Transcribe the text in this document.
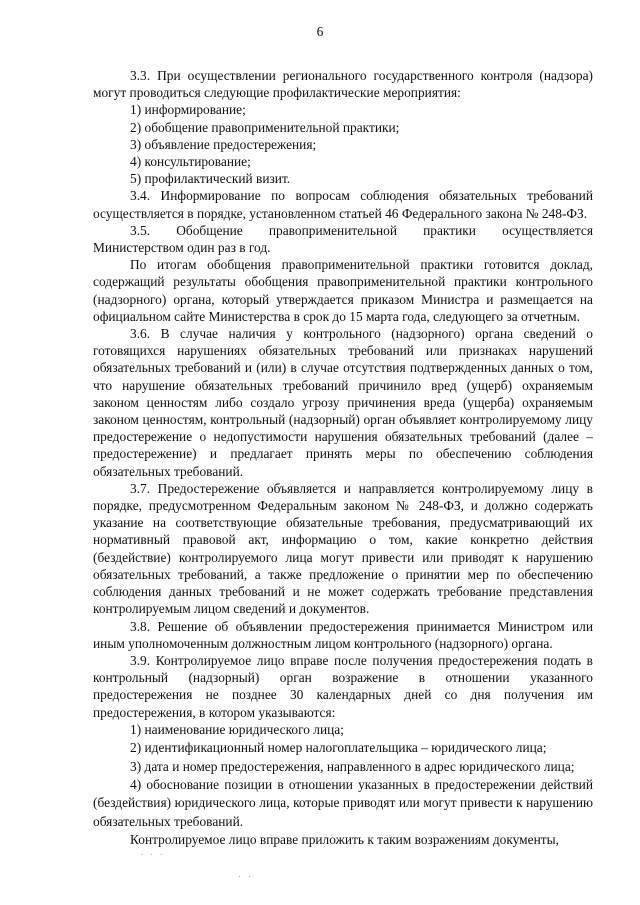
6

3.3. При осуществлении регионального государственного контроля (надзора) могут проводиться следующие профилактические мероприятия:

1) информирование;

2) обобщение правоприменительной практики;

3) объявление предостережения;

4) консультирование;

5) профилактический визит.

3.4. Информирование по вопросам соблюдения обязательных требований осуществляется в порядке, установленном статьей 46 Федерального закона № 248-ФЗ.

3.5. Обобщение правоприменительной практики осуществляется Министерством один раз в год.

По итогам обобщения правоприменительной практики готовится доклад, содержащий результаты обобщения правоприменительной практики контрольного (надзорного) органа, который утверждается приказом Министра и размещается на официальном сайте Министерства в срок до 15 марта года, следующего за отчетным.

3.6. В случае наличия у контрольного (надзорного) органа сведений о готовящихся нарушениях обязательных требований или признаках нарушений обязательных требований и (или) в случае отсутствия подтвержденных данных о том, что нарушение обязательных требований причинило вред (ущерб) охраняемым законом ценностям либо создало угрозу причинения вреда (ущерба) охраняемым законом ценностям, контрольный (надзорный) орган объявляет контролируемому лицу предостережение о недопустимости нарушения обязательных требований (далее – предостережение) и предлагает принять меры по обеспечению соблюдения обязательных требований.

3.7. Предостережение объявляется и направляется контролируемому лицу в порядке, предусмотренном Федеральным законом № 248-ФЗ, и должно содержать указание на соответствующие обязательные требования, предусматривающий их нормативный правовой акт, информацию о том, какие конкретно действия (бездействие) контролируемого лица могут привести или приводят к нарушению обязательных требований, а также предложение о принятии мер по обеспечению соблюдения данных требований и не может содержать требование представления контролируемым лицом сведений и документов.

3.8. Решение об объявлении предостережения принимается Министром или иным уполномоченным должностным лицом контрольного (надзорного) органа.

3.9. Контролируемое лицо вправе после получения предостережения подать в контрольный (надзорный) орган возражение в отношении указанного предостережения не позднее 30 календарных дней со дня получения им предостережения, в котором указываются:

1) наименование юридического лица;

2) идентификационный номер налогоплательщика – юридического лица;

3) дата и номер предостережения, направленного в адрес юридического лица;

4) обоснование позиции в отношении указанных в предостережении действий (бездействия) юридического лица, которые приводят или могут привести к нарушению обязательных требований.

Контролируемое лицо вправе приложить к таким возражениям документы,

· · ·
· ·
